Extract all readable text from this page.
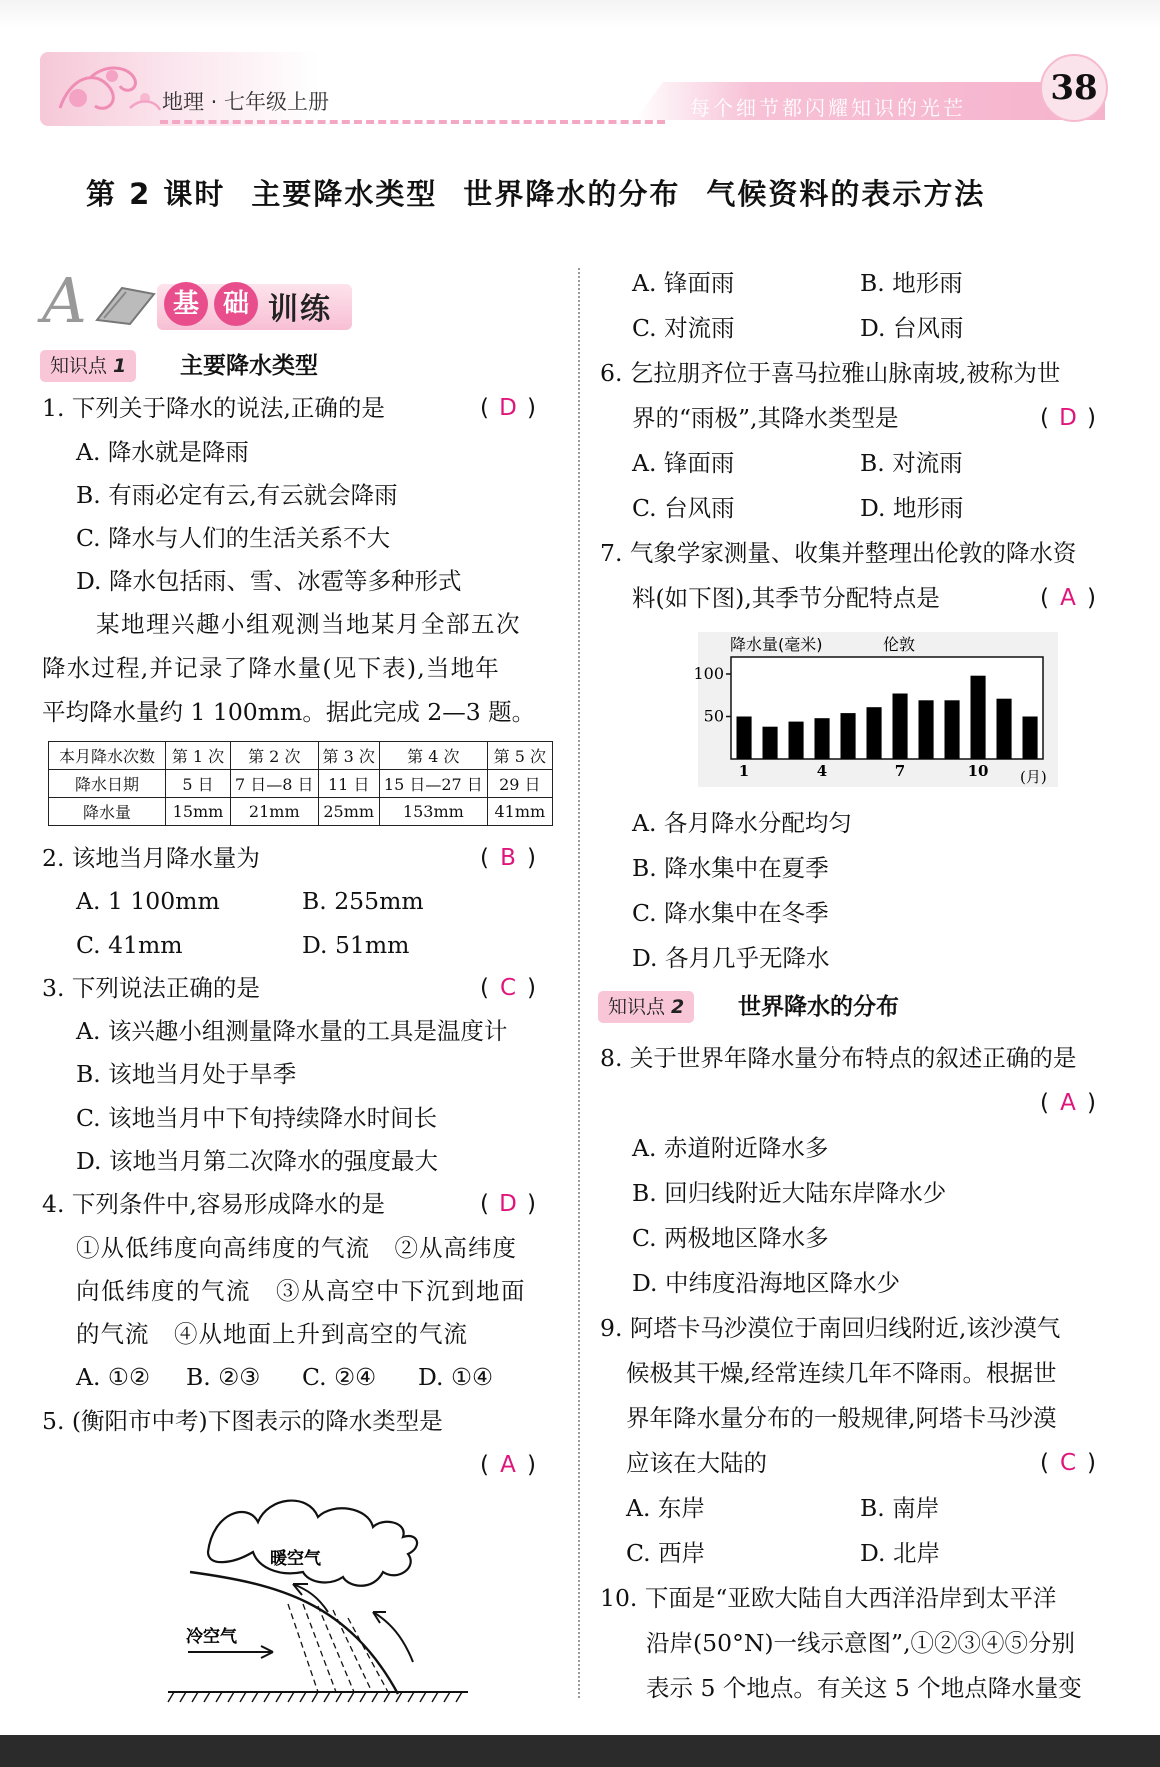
地理 · 七年级上册	每个细节都闪耀知识的光芒	38
第 2 课时 主要降水类型 世界降水的分布 气候资料的表示方法
A	基 础 训练
知识点 1	主要降水类型
1. 下列关于降水的说法,正确的是	( D )
A. 降水就是降雨
B. 有雨必定有云,有云就会降雨
C. 降水与人们的生活关系不大
D. 降水包括雨、雪、冰雹等多种形式
某地理兴趣小组观测当地某月全部五次
降水过程,并记录了降水量(见下表),当地年
平均降水量约 1 100mm。据此完成 2—3 题。
本月降水次数	第 1 次	第 2 次	第 3 次	第 4 次	第 5 次
降水日期	5 日	7 日—8 日	11 日	15 日—27 日	29 日
降水量	15mm	21mm	25mm	153mm	41mm
2. 该地当月降水量为	( B )
A. 1 100mm	B. 255mm
C. 41mm	D. 51mm
3. 下列说法正确的是	( C )
A. 该兴趣小组测量降水量的工具是温度计
B. 该地当月处于旱季
C. 该地当月中下旬持续降水时间长
D. 该地当月第二次降水的强度最大
4. 下列条件中,容易形成降水的是	( D )
①从低纬度向高纬度的气流　②从高纬度
向低纬度的气流　③从高空中下沉到地面
的气流　④从地面上升到高空的气流
A. ①② B. ②③ C. ②④ D. ①④
5. (衡阳市中考)下图表示的降水类型是
( A )
暖空气
冷空气
A. 锋面雨	B. 地形雨
C. 对流雨	D. 台风雨
6. 乞拉朋齐位于喜马拉雅山脉南坡,被称为世
界的“雨极”,其降水类型是	( D )
A. 锋面雨	B. 对流雨
C. 台风雨	D. 地形雨
7. 气象学家测量、收集并整理出伦敦的降水资
料(如下图),其季节分配特点是	( A )
降水量(毫米)	伦敦
50
100
1	4	7	10 (月)
A. 各月降水分配均匀
B. 降水集中在夏季
C. 降水集中在冬季
D. 各月几乎无降水
知识点 2	世界降水的分布
8. 关于世界年降水量分布特点的叙述正确的是
( A )
A. 赤道附近降水多
B. 回归线附近大陆东岸降水少
C. 两极地区降水多
D. 中纬度沿海地区降水少
9. 阿塔卡马沙漠位于南回归线附近,该沙漠气
候极其干燥,经常连续几年不降雨。根据世
界年降水量分布的一般规律,阿塔卡马沙漠
应该在大陆的	( C )
A. 东岸	B. 南岸
C. 西岸	D. 北岸
10. 下面是“亚欧大陆自大西洋沿岸到太平洋
沿岸(50°N)一线示意图”,①②③④⑤分别
表示 5 个地点。有关这 5 个地点降水量变
